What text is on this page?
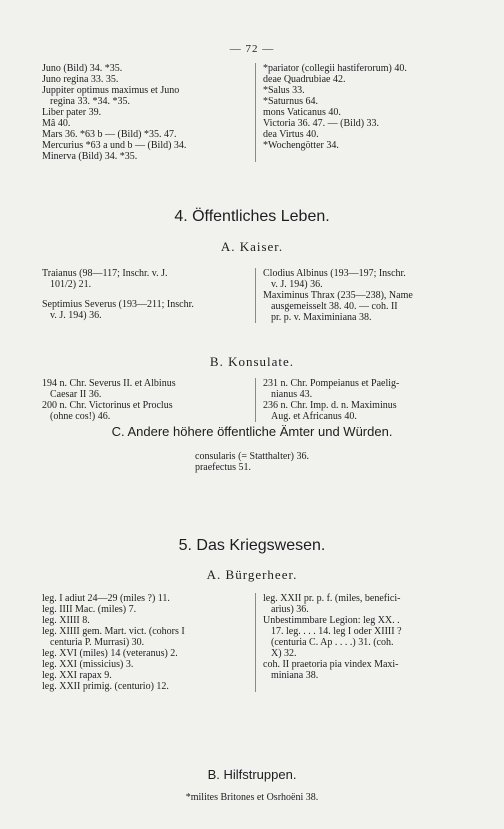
— 72 —
Juno (Bild) 34. *35.
Juno regina 33. 35.
Juppiter optimus maximus et Juno
regina 33. *34. *35.
Liber pater 39.
Mâ 40.
Mars 36. *63 b — (Bild) *35. 47.
Mercurius *63 a und b — (Bild) 34.
Minerva (Bild) 34. *35.
*pariator (collegii hastiferorum) 40.
deae Quadrubiae 42.
*Salus 33.
*Saturnus 64.
mons Vaticanus 40.
Victoria 36. 47. — (Bild) 33.
dea Virtus 40.
*Wochengötter 34.
4. Öffentliches Leben.
A. Kaiser.
Traianus (98—117; Inschr. v. J.
101/2) 21.
Septimius Severus (193—211; Inschr.
v. J. 194) 36.
Clodius Albinus (193—197; Inschr.
v. J. 194) 36.
Maximinus Thrax (235—238), Name
ausgemeisselt 38. 40. — coh. II
pr. p. v. Maximiniana 38.
B. Konsulate.
194 n. Chr. Severus II. et Albinus
Caesar II 36.
200 n. Chr. Victorinus et Proclus
(ohne cos!) 46.
231 n. Chr. Pompeianus et Paelig-
nianus 43.
236 n. Chr. Imp. d. n. Maximinus
Aug. et Africanus 40.
C. Andere höhere öffentliche Ämter und Würden.
consularis (= Statthalter) 36.
praefectus 51.
5. Das Kriegswesen.
A. Bürgerheer.
leg. I adiut 24—29 (miles ?) 11.
leg. IIII Mac. (miles) 7.
leg. XIIII 8.
leg. XIIII gem. Mart. vict. (cohors I
centuria P. Murrasi) 30.
leg. XVI (miles) 14 (veteranus) 2.
leg. XXI (missicius) 3.
leg. XXI rapax 9.
leg. XXII primig. (centurio) 12.
leg. XXII pr. p. f. (miles, benefici-
arius) 36.
Unbestimmbare Legion: leg XX. .
17. leg. . . . 14. leg I oder XIIII ?
(centuria C. Ap . . . .) 31. (coh.
X) 32.
coh. II praetoria pia vindex Maxi-
miniana 38.
B. Hilfstruppen.
*milites Britones et Osrhoëni 38.
